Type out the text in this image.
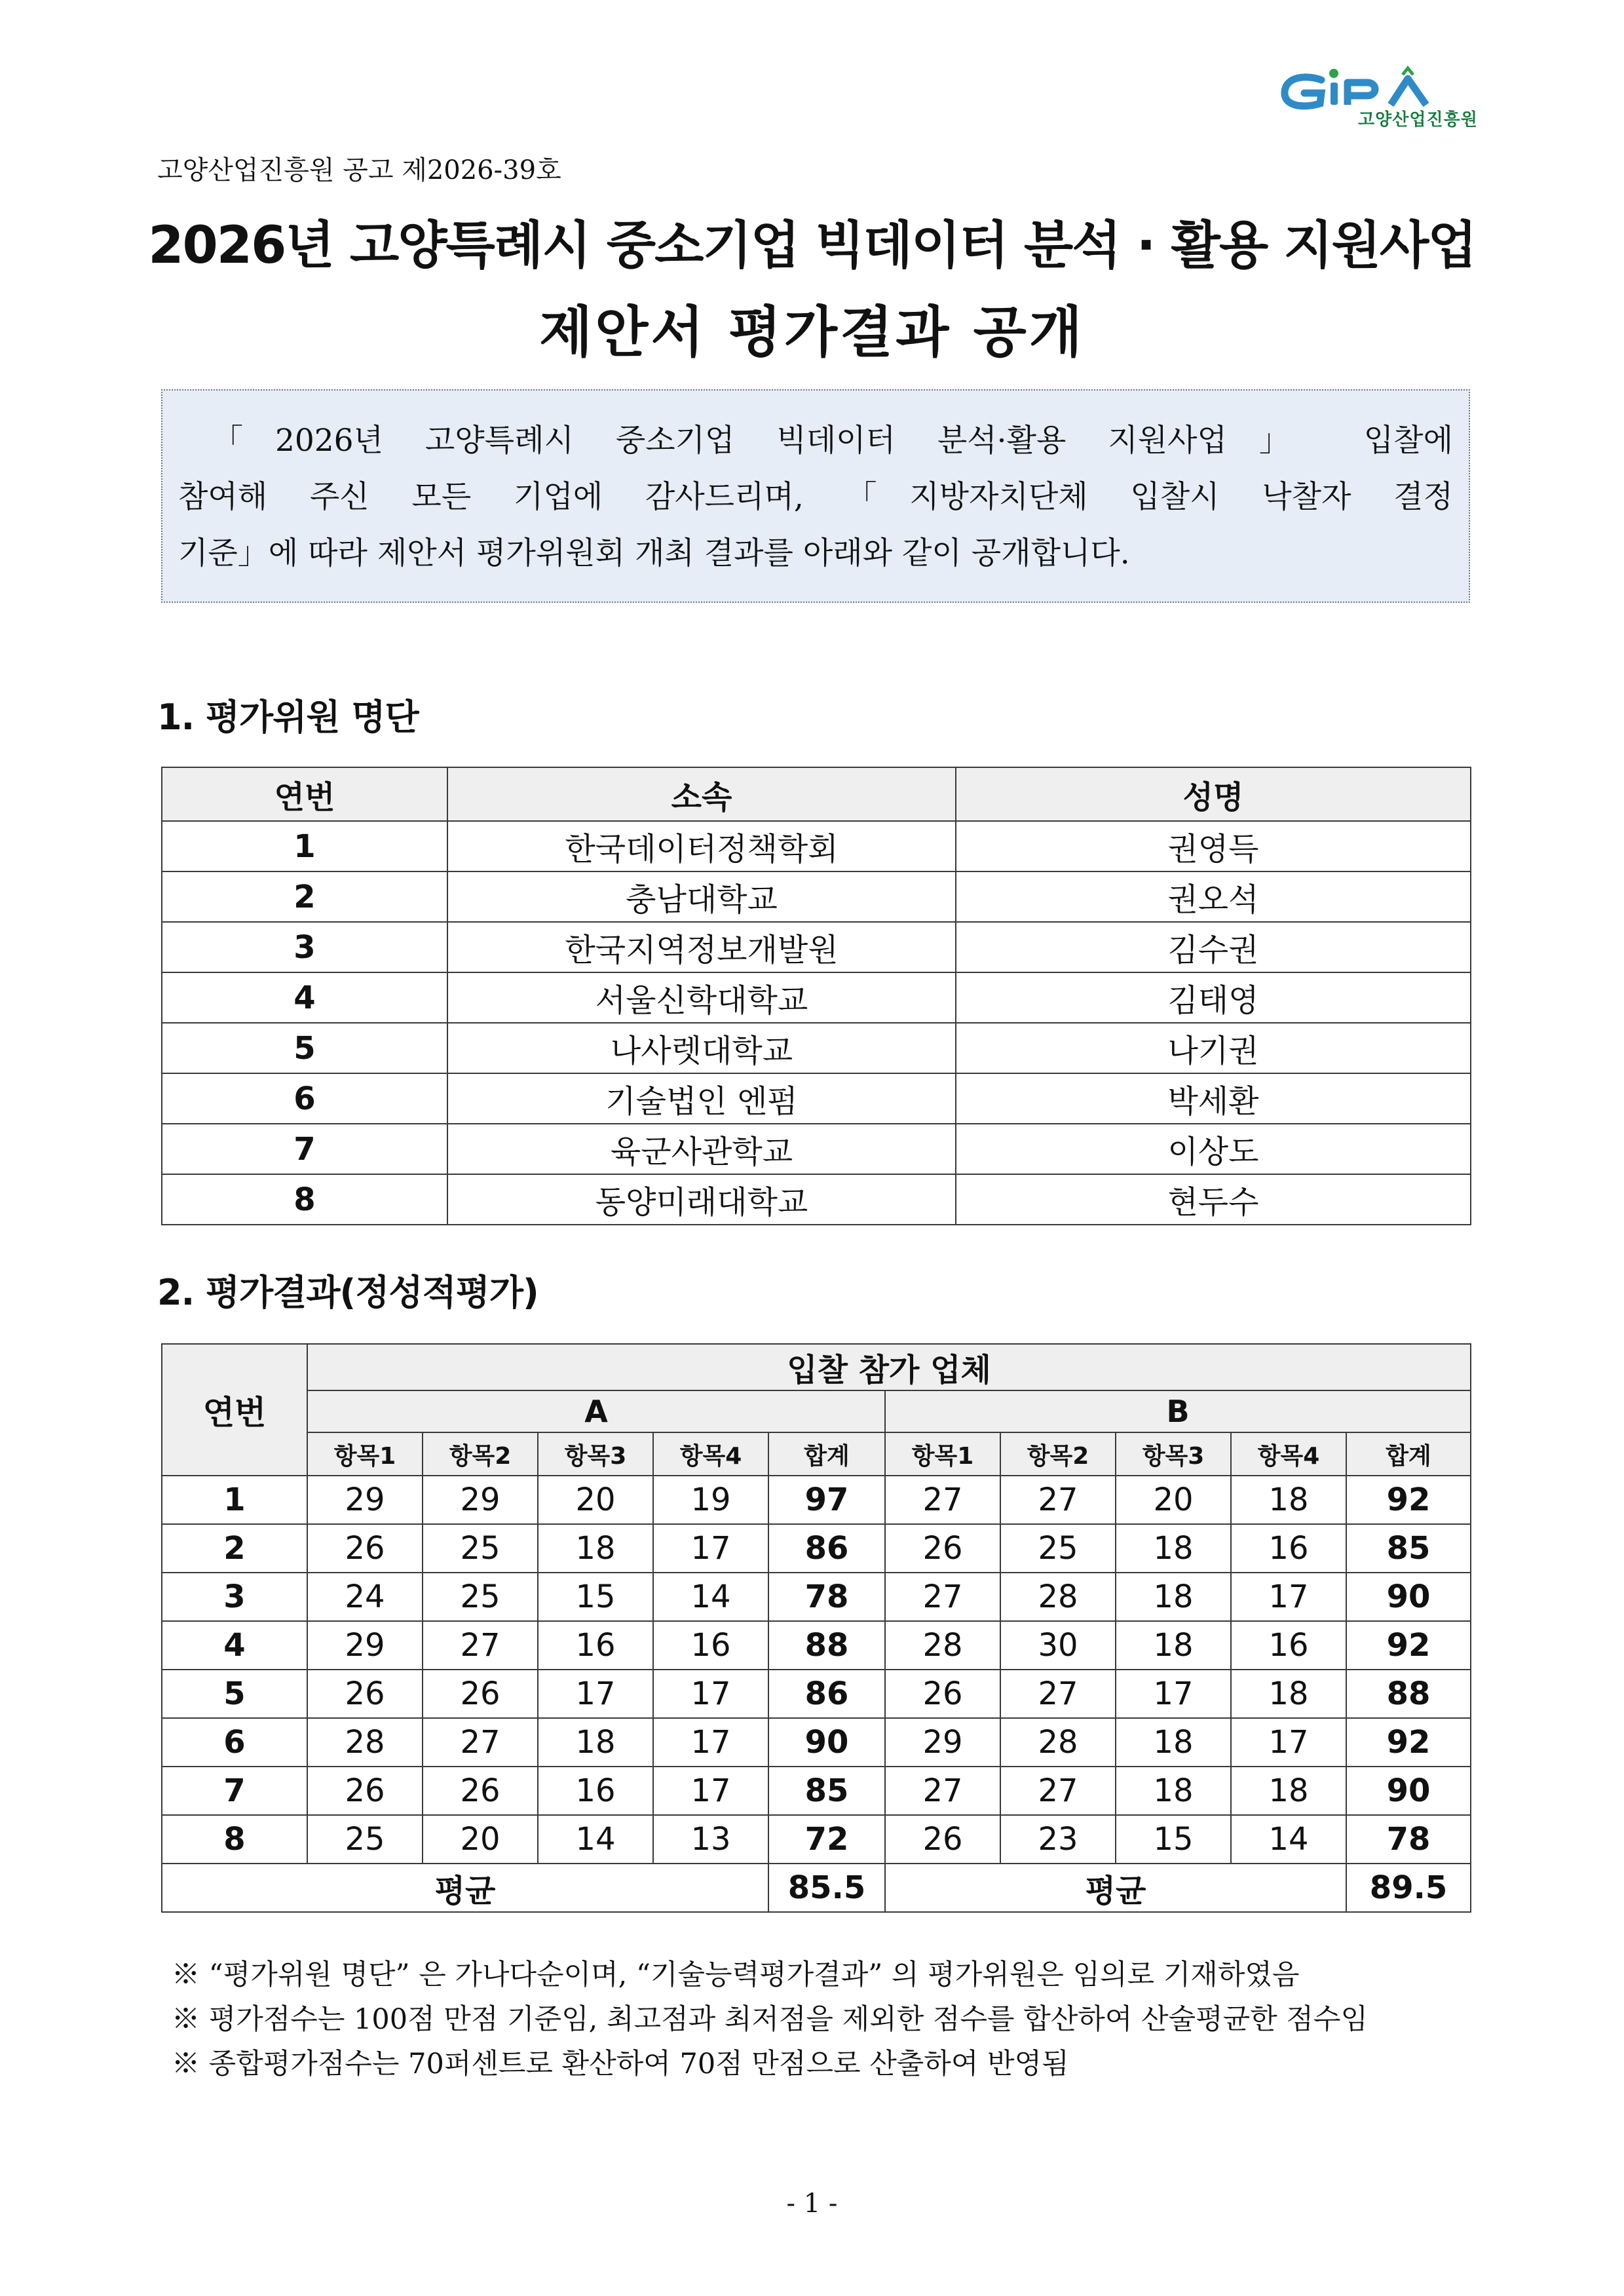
고양산업진흥원
고양산업진흥원 공고 제2026-39호
2026년 고양특례시 중소기업 빅데이터 분석 · 활용 지원사업
제안서 평가결과 공개

「2026년 고양특례시 중소기업 빅데이터 분석·활용 지원사업」 입찰에

참여해 주신 모든 기업에 감사드리며, 「지방자치단체 입찰시 낙찰자 결정

기준」에 따라 제안서 평가위원회 개최 결과를 아래와 같이 공개합니다.

1. 평가위원 명단
연번	소속	성명
1	한국데이터정책학회	권영득
2	충남대학교	권오석
3	한국지역정보개발원	김수권
4	서울신학대학교	김태영
5	나사렛대학교	나기권
6	기술법인 엔펌	박세환
7	육군사관학교	이상도
8	동양미래대학교	현두수
2. 평가결과(정성적평가)
연번	입찰 참가 업체									
	A					B				
	항목1	항목2	항목3	항목4	합계	항목1	항목2	항목3	항목4	합계
1	29	29	20	19	97	27	27	20	18	92
2	26	25	18	17	86	26	25	18	16	85
3	24	25	15	14	78	27	28	18	17	90
4	29	27	16	16	88	28	30	18	16	92
5	26	26	17	17	86	26	27	17	18	88
6	28	27	18	17	90	29	28	18	17	92
7	26	26	16	17	85	27	27	18	18	90
8	25	20	14	13	72	26	23	15	14	78
평균					85.5	평균				89.5
※ “평가위원 명단” 은 가나다순이며, “기술능력평가결과” 의 평가위원은 임의로 기재하였음
※ 평가점수는 100점 만점 기준임, 최고점과 최저점을 제외한 점수를 합산하여 산술평균한 점수임
※ 종합평가점수는 70퍼센트로 환산하여 70점 만점으로 산출하여 반영됨
- 1 -
